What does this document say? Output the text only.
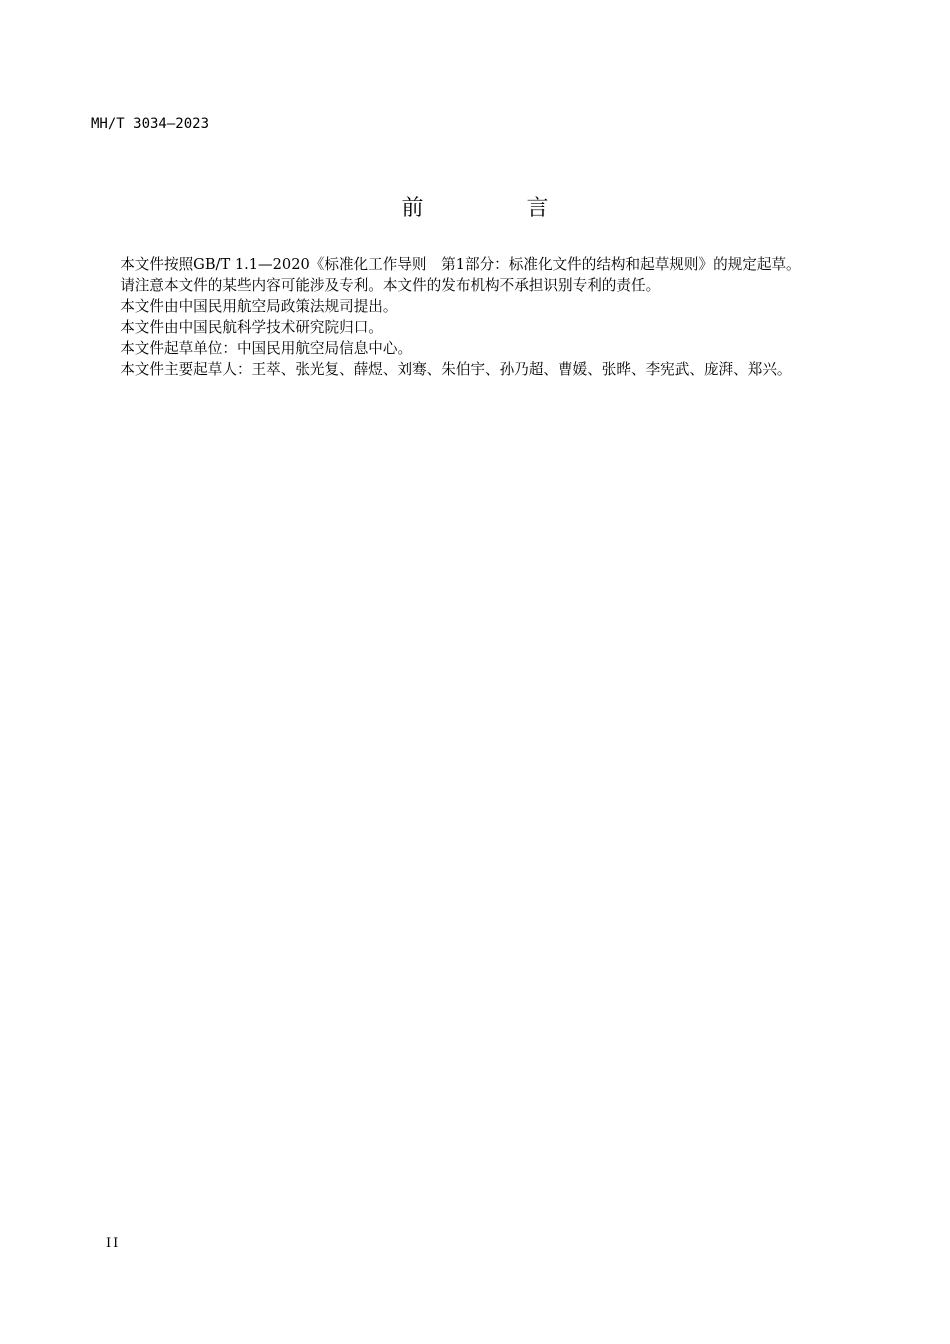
MH/T 3034—2023
前 言

本文件按照GB/T 1.1—2020《标准化工作导则　第1部分：标准化文件的结构和起草规则》的规定起草。

请注意本文件的某些内容可能涉及专利。本文件的发布机构不承担识别专利的责任。

本文件由中国民用航空局政策法规司提出。

本文件由中国民航科学技术研究院归口。

本文件起草单位：中国民用航空局信息中心。

本文件主要起草人：王萃、张光复、薛煜、刘骞、朱伯宇、孙乃超、曹媛、张晔、李宪武、庞湃、郑兴。

II
